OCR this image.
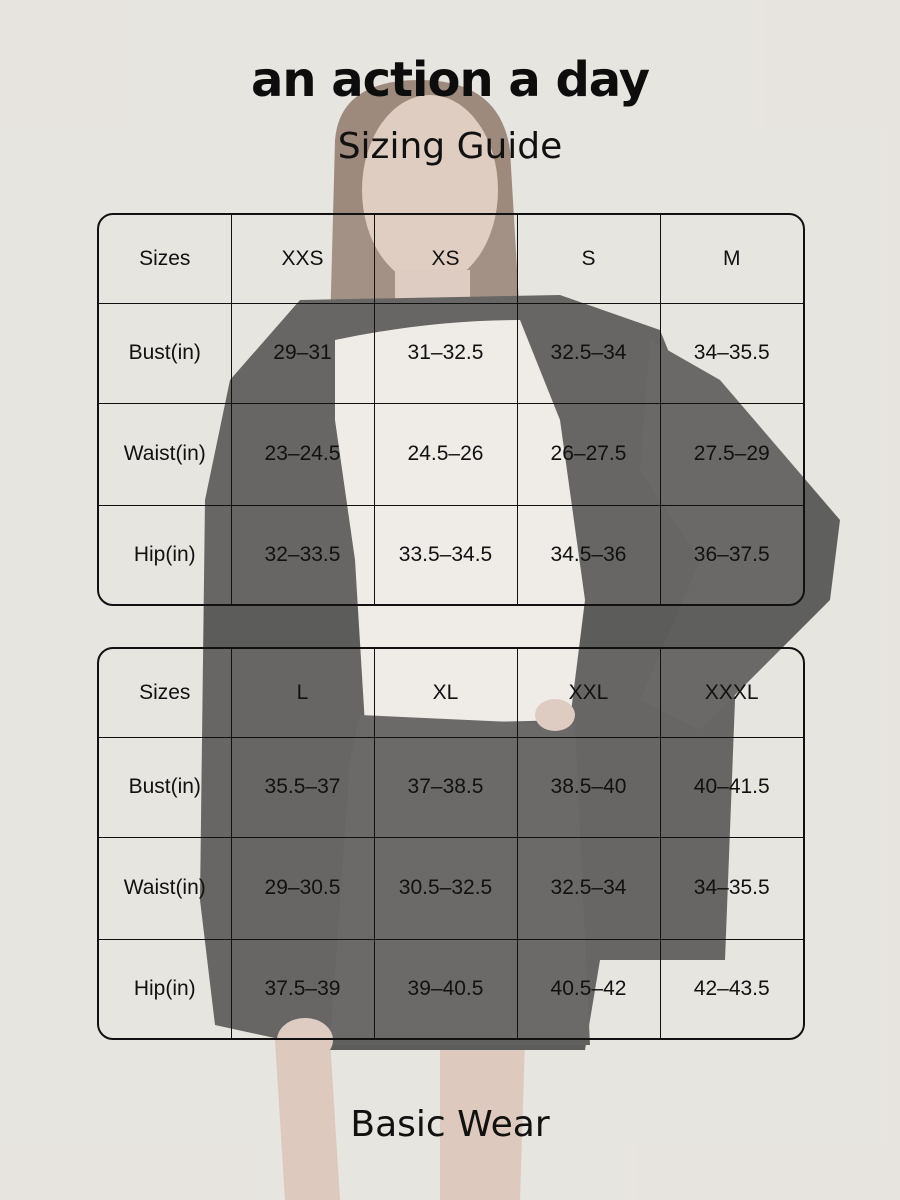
an action a day
Sizing Guide
Sizes	XXS	XS	S	M
Bust(in)	29–31	31–32.5	32.5–34	34–35.5
Waist(in)	23–24.5	24.5–26	26–27.5	27.5–29
Hip(in)	32–33.5	33.5–34.5	34.5–36	36–37.5
Sizes	L	XL	XXL	XXXL
Bust(in)	35.5–37	37–38.5	38.5–40	40–41.5
Waist(in)	29–30.5	30.5–32.5	32.5–34	34–35.5
Hip(in)	37.5–39	39–40.5	40.5–42	42–43.5
Basic Wear
